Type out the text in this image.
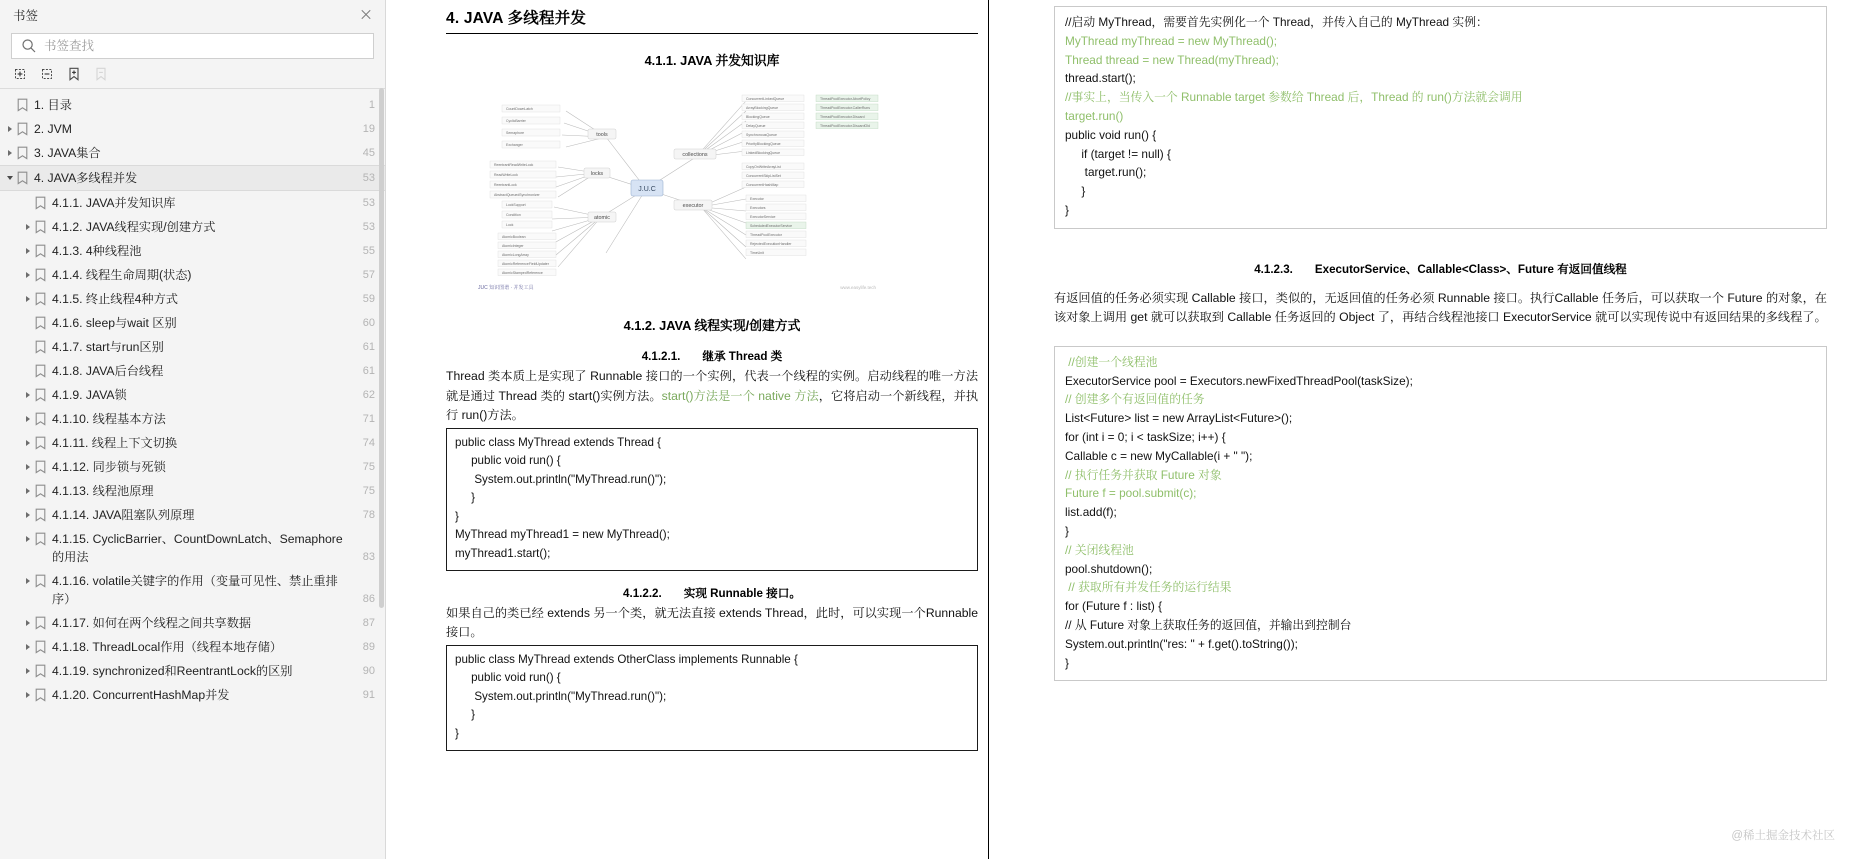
书签
书签查找
1. 目录	1
2. JVM	19
3. JAVA集合	45
4. JAVA多线程并发	53
4.1.1. JAVA并发知识库	53
4.1.2. JAVA线程实现/创建方式	53
4.1.3. 4种线程池	55
4.1.4. 线程生命周期(状态)	57
4.1.5. 终止线程4种方式	59
4.1.6. sleep与wait 区别	60
4.1.7. start与run区别	61
4.1.8. JAVA后台线程	61
4.1.9. JAVA锁	62
4.1.10. 线程基本方法	71
4.1.11. 线程上下文切换	74
4.1.12. 同步锁与死锁	75
4.1.13. 线程池原理	75
4.1.14. JAVA阻塞队列原理	78
4.1.15. CyclicBarrier、CountDownLatch、Semaphore 的用法	83
4.1.16. volatile关键字的作用（变量可见性、禁止重排序）	86
4.1.17. 如何在两个线程之间共享数据	87
4.1.18. ThreadLocal作用（线程本地存储）	89
4.1.19. synchronized和ReentrantLock的区别	90
4.1.20. ConcurrentHashMap并发	91
4. JAVA 多线程并发
4.1.1. JAVA 并发知识库
J.U.C
tools
collections
locks
atomic
executor
CountDownLatch
CyclicBarrier
Semaphore
Exchanger
ReentrantReadWriteLock
ReadWriteLock
ReentrantLock
AbstractQueuedSynchronizer
LockSupport
Condition
Lock
AtomicBoolean
AtomicInteger
AtomicLongArray
AtomicReferenceFieldUpdater
AtomicStampedReference
ConcurrentLinkedQueue
ArrayBlockingQueue
BlockingQueue
DelayQueue
SynchronousQueue
PriorityBlockingQueue
LinkedBlockingQueue
CopyOnWriteArrayList
ConcurrentSkipListSet
ConcurrentHashMap
Executor
Executors
ExecutorService
ScheduledExecutorService
ThreadPoolExecutor
RejectedExecutionHandler
TimeUnit
ThreadPoolExecutor.AbortPolicy
ThreadPoolExecutor.CallerRuns
ThreadPoolExecutor.Discard
ThreadPoolExecutor.DiscardOld
JUC 知识图谱 · 并发工具	www.easylife.tech
4.1.2. JAVA 线程实现/创建方式
4.1.2.1. 继承 Thread 类

Thread 类本质上是实现了 Runnable 接口的一个实例，代表一个线程的实例。启动线程的唯一方法就是通过 Thread 类的 start()实例方法。start()方法是一个 native 方法，它将启动一个新线程，并执行 run()方法。

public class MyThread extends Thread {
public void run() {
System.out.println("MyThread.run()");
}
}
MyThread myThread1 = new MyThread();
myThread1.start();
4.1.2.2. 实现 Runnable 接口。

如果自己的类已经 extends 另一个类，就无法直接 extends Thread，此时，可以实现一个Runnable 接口。

public class MyThread extends OtherClass implements Runnable {
public void run() {
System.out.println("MyThread.run()");
}
}
//启动 MyThread，需要首先实例化一个 Thread，并传入自己的 MyThread 实例：
MyThread myThread = new MyThread();
Thread thread = new Thread(myThread);
thread.start();
//事实上，当传入一个 Runnable target 参数给 Thread 后，Thread 的 run()方法就会调用
target.run()
public void run() {
if (target != null) {
target.run();
}
}
4.1.2.3. ExecutorService、Callable<Class>、Future 有返回值线程

有返回值的任务必须实现 Callable 接口，类似的，无返回值的任务必须 Runnable 接口。执行Callable 任务后，可以获取一个 Future 的对象，在该对象上调用 get 就可以获取到 Callable 任务返回的 Object 了，再结合线程池接口 ExecutorService 就可以实现传说中有返回结果的多线程了。

//创建一个线程池
ExecutorService pool = Executors.newFixedThreadPool(taskSize);
// 创建多个有返回值的任务
List<Future> list = new ArrayList<Future>();
for (int i = 0; i < taskSize; i++) {
Callable c = new MyCallable(i + " ");
// 执行任务并获取 Future 对象
Future f = pool.submit(c);
list.add(f);
}
// 关闭线程池
pool.shutdown();
// 获取所有并发任务的运行结果
for (Future f : list) {
// 从 Future 对象上获取任务的返回值，并输出到控制台
System.out.println("res: " + f.get().toString());
}
@稀土掘金技术社区
